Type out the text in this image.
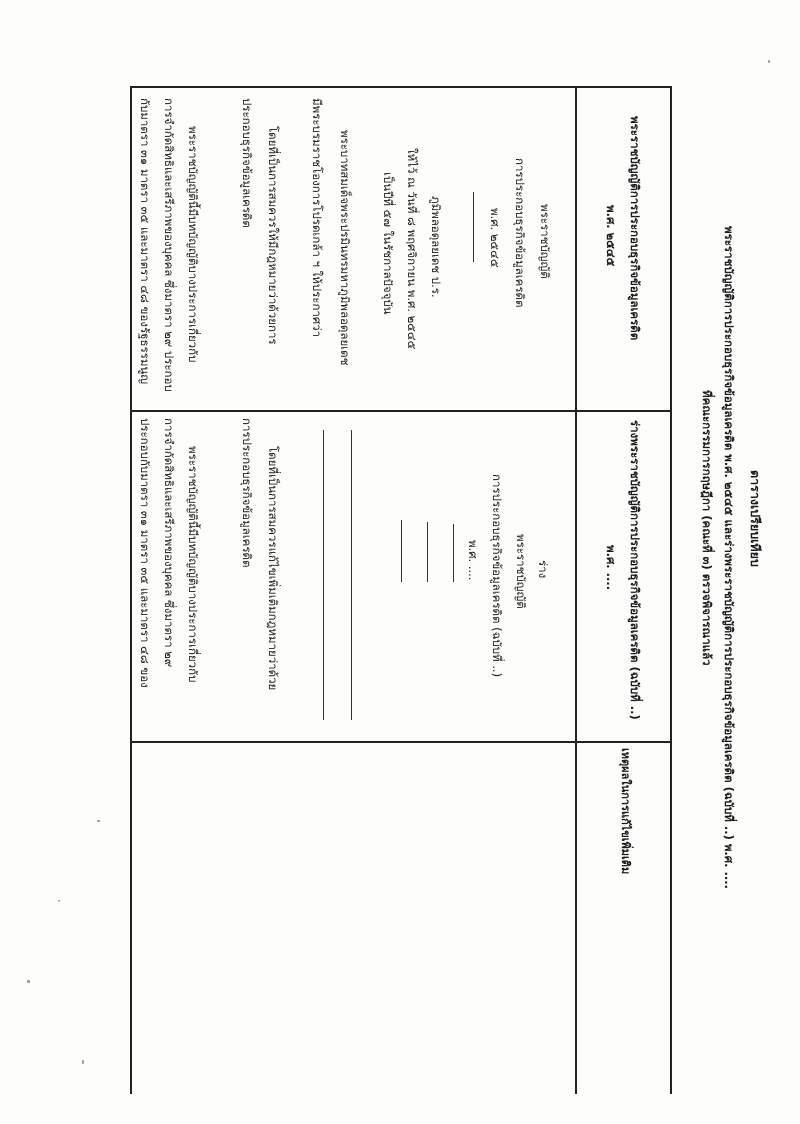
ตารางเปรียบเทียบ
พระราชบัญญัติการประกอบธุรกิจข้อมูลเครดิต พ.ศ. ๒๕๔๕ และร่างพระราชบัญญัติการประกอบธุรกิจข้อมูลเครดิต (ฉบับที่ ..) พ.ศ. ....
ที่คณะกรรมการกฤษฎีกา (คณะที่ ๓) ตรวจพิจารณาแล้ว
พระราชบัญญัติการประกอบธุรกิจข้อมูลเครดิต
พ.ศ. ๒๕๔๕
ร่างพระราชบัญญัติการประกอบธุรกิจข้อมูลเครดิต (ฉบับที่ ..)
พ.ศ. ....
เหตุผลในการแก้ไขเพิ่มเติม
พระราชบัญญัติ
การประกอบธุรกิจข้อมูลเครดิต
พ.ศ. ๒๕๔๕
ภูมิพลอดุลยเดช ป.ร.
ให้ไว้ ณ วันที่ ๘ พฤศจิกายน พ.ศ. ๒๕๔๕
เป็นปีที่ ๕๗ ในรัชกาลปัจจุบัน
พระบาทสมเด็จพระปรมินทรมหาภูมิพลอดุลยเดช
มีพระบรมราชโองการโปรดเกล้า ฯ ให้ประกาศว่า
โดยที่เป็นการสมควรให้มีกฎหมายว่าด้วยการ
ประกอบธุรกิจข้อมูลเครดิต
พระราชบัญญัตินี้มีบทบัญญัติบางประการเกี่ยวกับ
การจำกัดสิทธิและเสรีภาพของบุคคล ซึ่งมาตรา ๒๙ ประกอบ
กับมาตรา ๓๑ มาตรา ๓๕ และมาตรา ๔๘ ของรัฐธรรมนูญ
ร่าง
พระราชบัญญัติ
การประกอบธุรกิจข้อมูลเครดิต (ฉบับที่ ..)
พ.ศ. ....
โดยที่เป็นการสมควรแก้ไขเพิ่มเติมกฎหมายว่าด้วย
การประกอบธุรกิจข้อมูลเครดิต
พระราชบัญญัตินี้มีบทบัญญัติบางประการเกี่ยวกับ
การจำกัดสิทธิและเสรีภาพของบุคคล ซึ่งมาตรา ๒๙
ประกอบกับมาตรา ๓๑ มาตรา ๓๕ และมาตรา ๔๘ ของ
